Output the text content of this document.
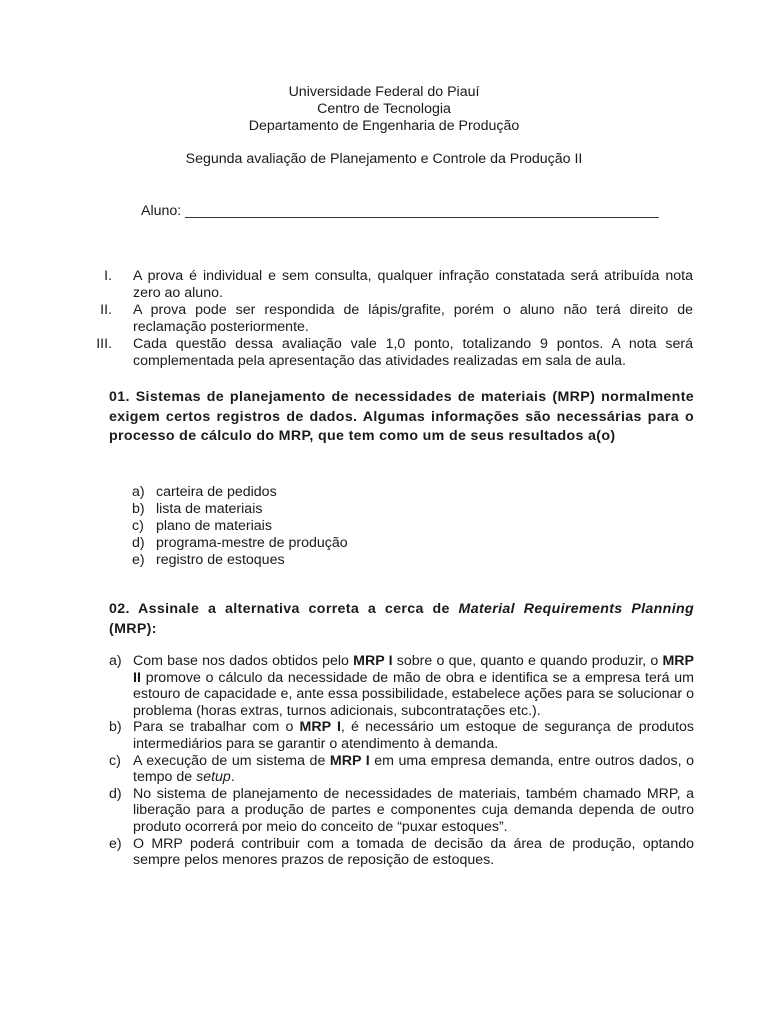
Universidade Federal do Piauí
Centro de Tecnologia
Departamento de Engenharia de Produção
Segunda avaliação de Planejamento e Controle da Produção II
Aluno: ____________________________________________________________
I.	A prova é individual e sem consulta, qualquer infração constatada será atribuída nota zero ao aluno.
II.	A prova pode ser respondida de lápis/grafite, porém o aluno não terá direito de reclamação posteriormente.
III.	Cada questão dessa avaliação vale 1,0 ponto, totalizando 9 pontos. A nota será complementada pela apresentação das atividades realizadas em sala de aula.
01. Sistemas de planejamento de necessidades de materiais (MRP) normalmente exigem certos registros de dados. Algumas informações são necessárias para o processo de cálculo do MRP, que tem como um de seus resultados a(o)
a) carteira de pedidos
b) lista de materiais
c) plano de materiais
d) programa-mestre de produção
e) registro de estoques
02. Assinale a alternativa correta a cerca de Material Requirements Planning (MRP):
a) Com base nos dados obtidos pelo MRP I sobre o que, quanto e quando produzir, o MRP II promove o cálculo da necessidade de mão de obra e identifica se a empresa terá um estouro de capacidade e, ante essa possibilidade, estabelece ações para se solucionar o problema (horas extras, turnos adicionais, subcontratações etc.).
b) Para se trabalhar com o MRP I, é necessário um estoque de segurança de produtos intermediários para se garantir o atendimento à demanda.
c) A execução de um sistema de MRP I em uma empresa demanda, entre outros dados, o tempo de setup.
d) No sistema de planejamento de necessidades de materiais, também chamado MRP, a liberação para a produção de partes e componentes cuja demanda dependa de outro produto ocorrerá por meio do conceito de “puxar estoques”.
e) O MRP poderá contribuir com a tomada de decisão da área de produção, optando sempre pelos menores prazos de reposição de estoques.
